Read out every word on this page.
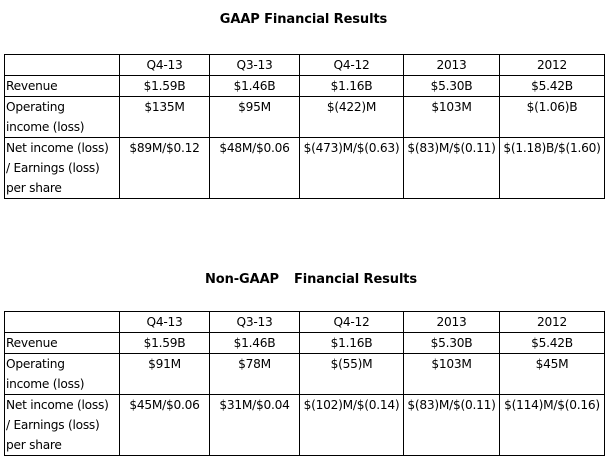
GAAP Financial Results
	Q4-13	Q3-13	Q4-12	2013	2012

Revenue	$1.59B	$1.46B	$1.16B	$5.30B	$5.42B

Operating
income (loss)	$135M	$95M	$(422)M	$103M	$(1.06)B

Net income (loss)
/ Earnings (loss)
per share	$89M/$0.12	$48M/$0.06	$(473)M/$(0.63)	$(83)M/$(0.11)	$(1.18)B/$(1.60)
Non-GAAP Financial Results
	Q4-13	Q3-13	Q4-12	2013	2012

Revenue	$1.59B	$1.46B	$1.16B	$5.30B	$5.42B

Operating
income (loss)	$91M	$78M	$(55)M	$103M	$45M

Net income (loss)
/ Earnings (loss)
per share	$45M/$0.06	$31M/$0.04	$(102)M/$(0.14)	$(83)M/$(0.11)	$(114)M/$(0.16)
